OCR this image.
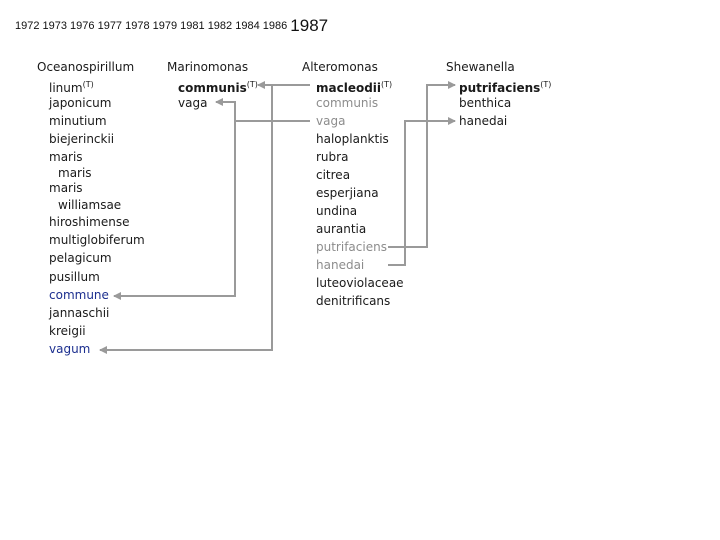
1972 1973 1976 1977 1978 1979 1981 1982 1984 1986 1987
Oceanospirillum
linum$^{(T)}$
japonicum
minutium
biejerinckii
maris
maris
maris
williamsae
hiroshimense
multiglobiferum
pelagicum
pusillum
commune
jannaschii
kreigii
vagum
Marinomonas
communis$^{(T)}$
vaga
Alteromonas
macleodii$^{(T)}$
communis
vaga
haloplanktis
rubra
citrea
esperjiana
undina
aurantia
putrifaciens
hanedai
luteoviolaceae
denitrificans
Shewanella
putrifaciens$^{(T)}$
benthica
hanedai
